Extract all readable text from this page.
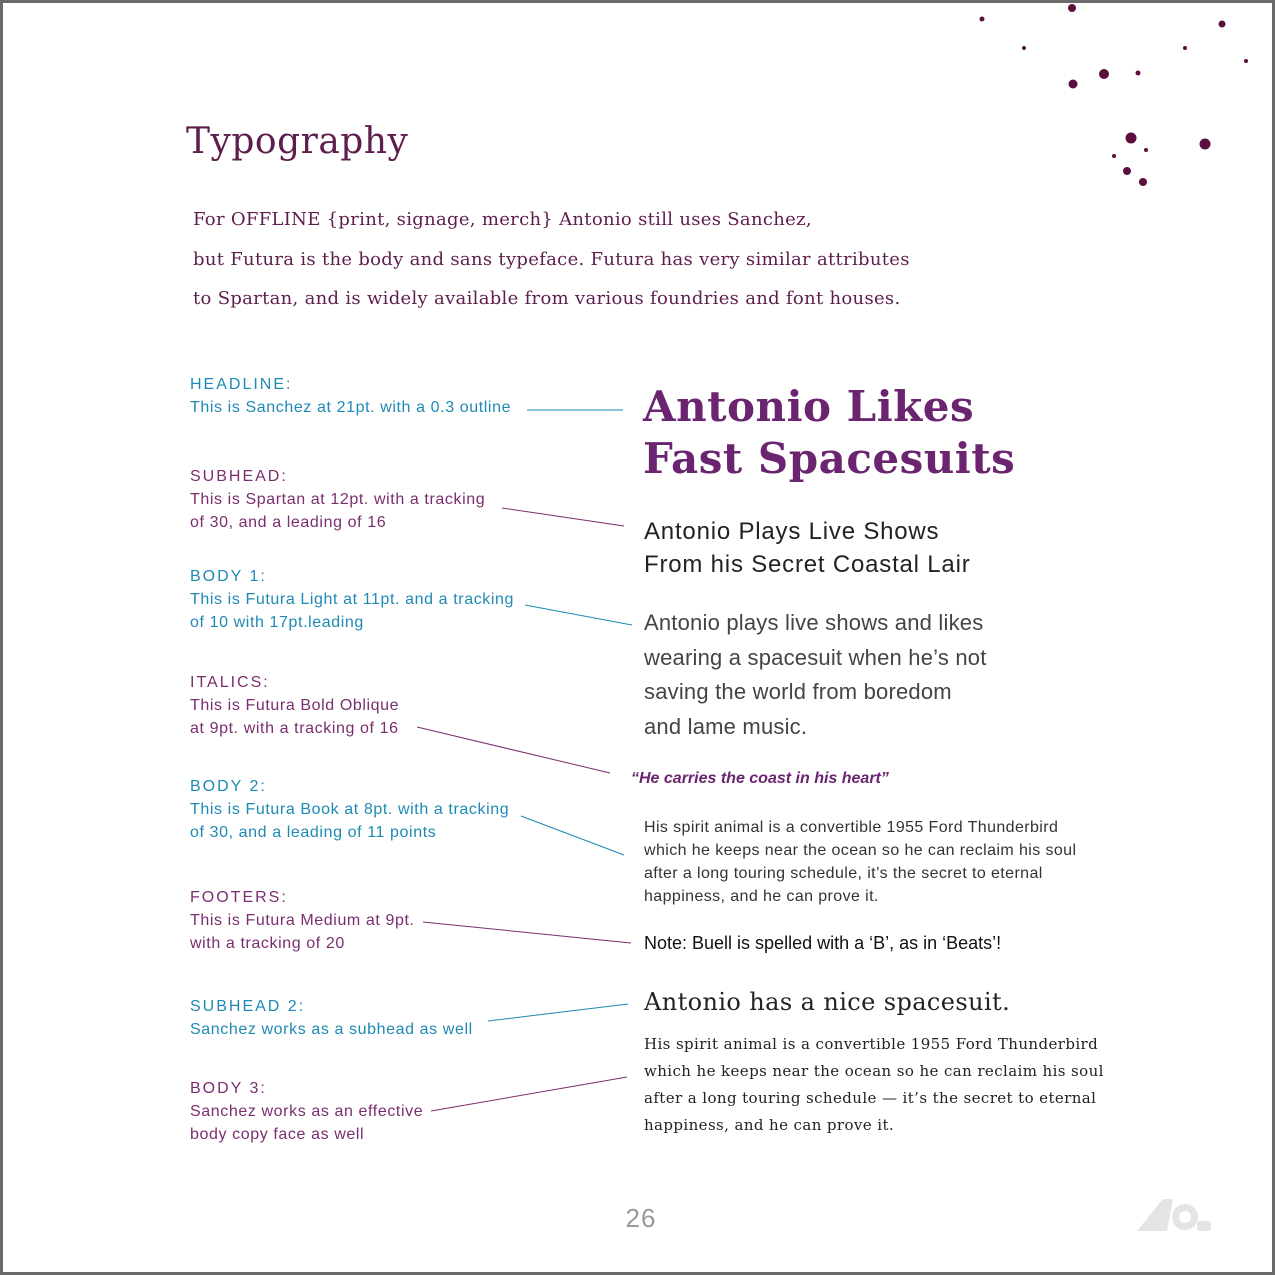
Typography
For OFFLINE {print, signage, merch} Antonio still uses Sanchez,
but Futura is the body and sans typeface. Futura has very similar attributes
to Spartan, and is widely available from various foundries and font houses.
HEADLINE:
This is Sanchez at 21pt. with a 0.3 outline
SUBHEAD:
This is Spartan at 12pt. with a tracking
of 30, and a leading of 16
BODY 1:
This is Futura Light at 11pt. and a tracking
of 10 with 17pt.leading
ITALICS:
This is Futura Bold Oblique
at 9pt. with a tracking of 16
BODY 2:
This is Futura Book at 8pt. with a tracking
of 30, and a leading of 11 points
FOOTERS:
This is Futura Medium at 9pt.
with a tracking of 20
SUBHEAD 2:
Sanchez works as a subhead as well
BODY 3:
Sanchez works as an effective
body copy face as well
Antonio Likes
Fast Spacesuits
Antonio Plays Live Shows
From his Secret Coastal Lair
Antonio plays live shows and likes
wearing a spacesuit when he’s not
saving the world from boredom
and lame music.
“He carries the coast in his heart”
His spirit animal is a convertible 1955 Ford Thunderbird
which he keeps near the ocean so he can reclaim his soul
after a long touring schedule, it’s the secret to eternal
happiness, and he can prove it.
Note: Buell is spelled with a ‘B’, as in ‘Beats’!
Antonio has a nice spacesuit.
His spirit animal is a convertible 1955 Ford Thunderbird
which he keeps near the ocean so he can reclaim his soul
after a long touring schedule — it’s the secret to eternal
happiness, and he can prove it.
26
